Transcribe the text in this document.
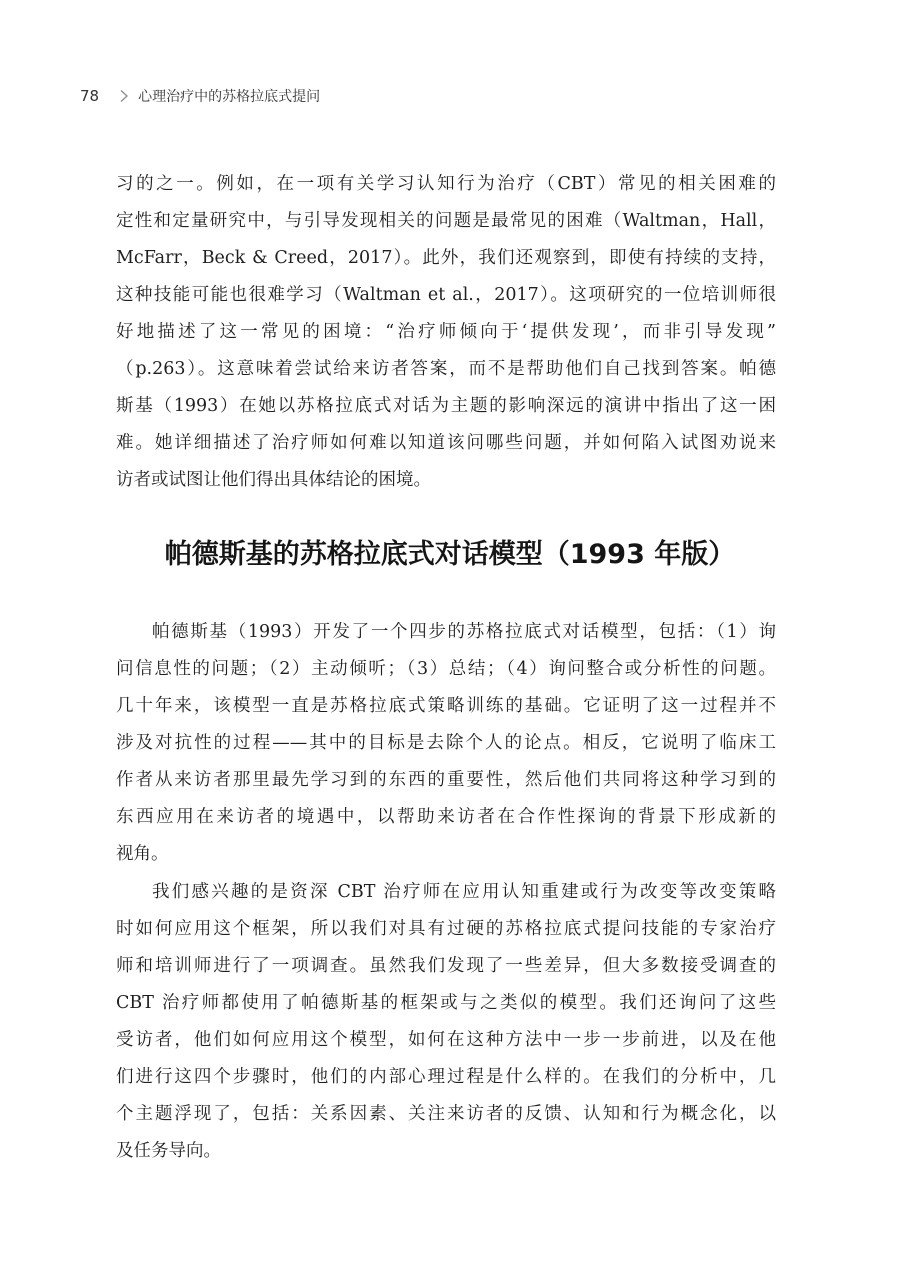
78	心理治疗中的苏格拉底式提问
习的之一。例如，在一项有关学习认知行为治疗（CBT）常见的相关困难的
定性和定量研究中，与引导发现相关的问题是最常见的困难（Waltman，Hall，
McFarr，Beck & Creed，2017）。此外，我们还观察到，即使有持续的支持，
这种技能可能也很难学习（Waltman et al.，2017）。这项研究的一位培训师很
好地描述了这一常见的困境：“治疗师倾向于‘提供发现’，而非引导发现”
（p.263）。这意味着尝试给来访者答案，而不是帮助他们自己找到答案。帕德
斯基（1993）在她以苏格拉底式对话为主题的影响深远的演讲中指出了这一困
难。她详细描述了治疗师如何难以知道该问哪些问题，并如何陷入试图劝说来
访者或试图让他们得出具体结论的困境。
帕德斯基的苏格拉底式对话模型（1993 年版）
帕德斯基（1993）开发了一个四步的苏格拉底式对话模型，包括：（1）询
问信息性的问题；（2）主动倾听；（3）总结；（4）询问整合或分析性的问题。
几十年来，该模型一直是苏格拉底式策略训练的基础。它证明了这一过程并不
涉及对抗性的过程——其中的目标是去除个人的论点。相反，它说明了临床工
作者从来访者那里最先学习到的东西的重要性，然后他们共同将这种学习到的
东西应用在来访者的境遇中，以帮助来访者在合作性探询的背景下形成新的
视角。
我们感兴趣的是资深 CBT 治疗师在应用认知重建或行为改变等改变策略
时如何应用这个框架，所以我们对具有过硬的苏格拉底式提问技能的专家治疗
师和培训师进行了一项调查。虽然我们发现了一些差异，但大多数接受调查的
CBT 治疗师都使用了帕德斯基的框架或与之类似的模型。我们还询问了这些
受访者，他们如何应用这个模型，如何在这种方法中一步一步前进，以及在他
们进行这四个步骤时，他们的内部心理过程是什么样的。在我们的分析中，几
个主题浮现了，包括：关系因素、关注来访者的反馈、认知和行为概念化，以
及任务导向。
